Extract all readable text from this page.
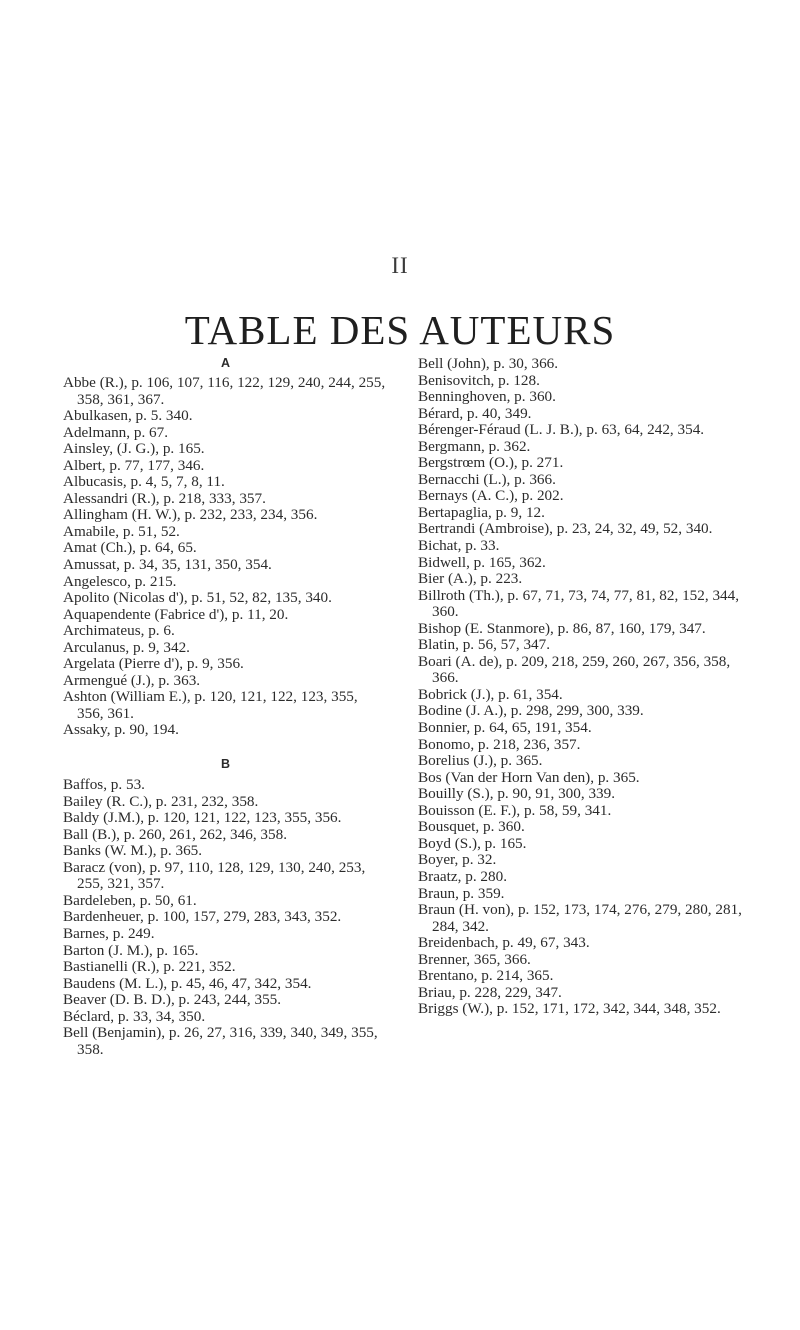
II
TABLE DES AUTEURS
A
Abbe (R.), p. 106, 107, 116, 122, 129, 240, 244, 255, 358, 361, 367.
Abulkasen, p. 5. 340.
Adelmann, p. 67.
Ainsley, (J. G.), p. 165.
Albert, p. 77, 177, 346.
Albucasis, p. 4, 5, 7, 8, 11.
Alessandri (R.), p. 218, 333, 357.
Allingham (H. W.), p. 232, 233, 234, 356.
Amabile, p. 51, 52.
Amat (Ch.), p. 64, 65.
Amussat, p. 34, 35, 131, 350, 354.
Angelesco, p. 215.
Apolito (Nicolas d'), p. 51, 52, 82, 135, 340.
Aquapendente (Fabrice d'), p. 11, 20.
Archimateus, p. 6.
Arculanus, p. 9, 342.
Argelata (Pierre d'), p. 9, 356.
Armengué (J.), p. 363.
Ashton (William E.), p. 120, 121, 122, 123, 355, 356, 361.
Assaky, p. 90, 194.
B
Baffos, p. 53.
Bailey (R. C.), p. 231, 232, 358.
Baldy (J.M.), p. 120, 121, 122, 123, 355, 356.
Ball (B.), p. 260, 261, 262, 346, 358.
Banks (W. M.), p. 365.
Baracz (von), p. 97, 110, 128, 129, 130, 240, 253, 255, 321, 357.
Bardeleben, p. 50, 61.
Bardenheuer, p. 100, 157, 279, 283, 343, 352.
Barnes, p. 249.
Barton (J. M.), p. 165.
Bastianelli (R.), p. 221, 352.
Baudens (M. L.), p. 45, 46, 47, 342, 354.
Beaver (D. B. D.), p. 243, 244, 355.
Béclard, p. 33, 34, 350.
Bell (Benjamin), p. 26, 27, 316, 339, 340, 349, 355, 358.
Bell (John), p. 30, 366.
Benisovitch, p. 128.
Benninghoven, p. 360.
Bérard, p. 40, 349.
Bérenger-Féraud (L. J. B.), p. 63, 64, 242, 354.
Bergmann, p. 362.
Bergstrœm (O.), p. 271.
Bernacchi (L.), p. 366.
Bernays (A. C.), p. 202.
Bertapaglia, p. 9, 12.
Bertrandi (Ambroise), p. 23, 24, 32, 49, 52, 340.
Bichat, p. 33.
Bidwell, p. 165, 362.
Bier (A.), p. 223.
Billroth (Th.), p. 67, 71, 73, 74, 77, 81, 82, 152, 344, 360.
Bishop (E. Stanmore), p. 86, 87, 160, 179, 347.
Blatin, p. 56, 57, 347.
Boari (A. de), p. 209, 218, 259, 260, 267, 356, 358, 366.
Bobrick (J.), p. 61, 354.
Bodine (J. A.), p. 298, 299, 300, 339.
Bonnier, p. 64, 65, 191, 354.
Bonomo, p. 218, 236, 357.
Borelius (J.), p. 365.
Bos (Van der Horn Van den), p. 365.
Bouilly (S.), p. 90, 91, 300, 339.
Bouisson (E. F.), p. 58, 59, 341.
Bousquet, p. 360.
Boyd (S.), p. 165.
Boyer, p. 32.
Braatz, p. 280.
Braun, p. 359.
Braun (H. von), p. 152, 173, 174, 276, 279, 280, 281, 284, 342.
Breidenbach, p. 49, 67, 343.
Brenner, 365, 366.
Brentano, p. 214, 365.
Briau, p. 228, 229, 347.
Briggs (W.), p. 152, 171, 172, 342, 344, 348, 352.
